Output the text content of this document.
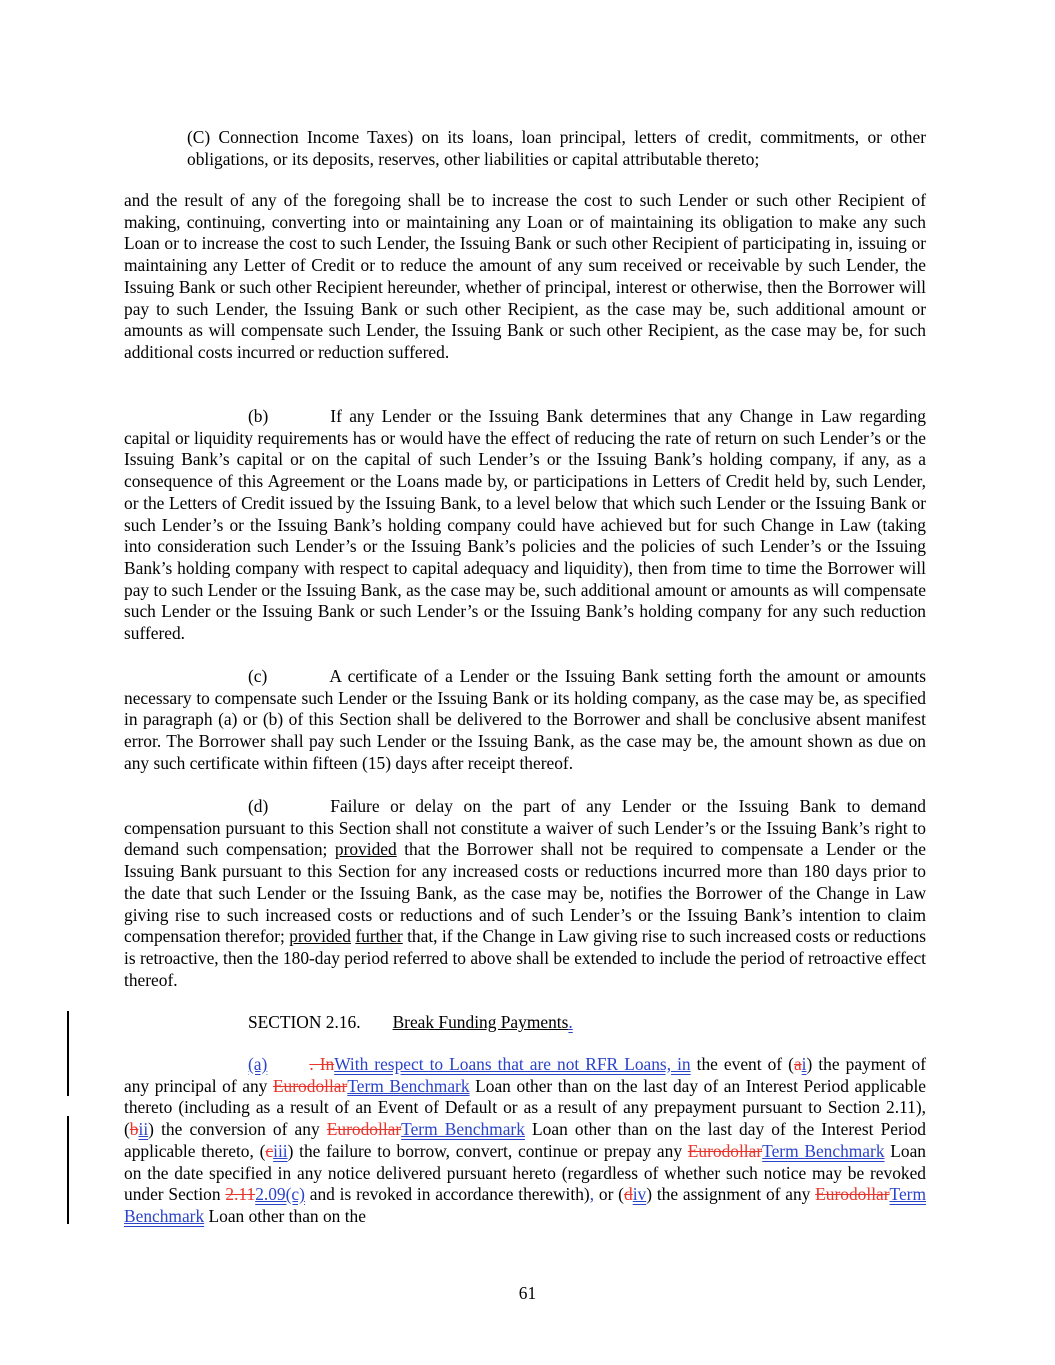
(C) Connection Income Taxes) on its loans, loan principal, letters of credit, commitments, or other obligations, or its deposits, reserves, other liabilities or capital attributable thereto;

and the result of any of the foregoing shall be to increase the cost to such Lender or such other Recipient of making, continuing, converting into or maintaining any Loan or of maintaining its obligation to make any such Loan or to increase the cost to such Lender, the Issuing Bank or such other Recipient of participating in, issuing or maintaining any Letter of Credit or to reduce the amount of any sum received or receivable by such Lender, the Issuing Bank or such other Recipient hereunder, whether of principal, interest or otherwise, then the Borrower will pay to such Lender, the Issuing Bank or such other Recipient, as the case may be, such additional amount or amounts as will compensate such Lender, the Issuing Bank or such other Recipient, as the case may be, for such additional costs incurred or reduction suffered.

(b)	If any Lender or the Issuing Bank determines that any Change in Law regarding capital or liquidity requirements has or would have the effect of reducing the rate of return on such Lender’s or the Issuing Bank’s capital or on the capital of such Lender’s or the Issuing Bank’s holding company, if any, as a consequence of this Agreement or the Loans made by, or participations in Letters of Credit held by, such Lender, or the Letters of Credit issued by the Issuing Bank, to a level below that which such Lender or the Issuing Bank or such Lender’s or the Issuing Bank’s holding company could have achieved but for such Change in Law (taking into consideration such Lender’s or the Issuing Bank’s policies and the policies of such Lender’s or the Issuing Bank’s holding company with respect to capital adequacy and liquidity), then from time to time the Borrower will pay to such Lender or the Issuing Bank, as the case may be, such additional amount or amounts as will compensate such Lender or the Issuing Bank or such Lender’s or the Issuing Bank’s holding company for any such reduction suffered.

(c)	A certificate of a Lender or the Issuing Bank setting forth the amount or amounts necessary to compensate such Lender or the Issuing Bank or its holding company, as the case may be, as specified in paragraph (a) or (b) of this Section shall be delivered to the Borrower and shall be conclusive absent manifest error. The Borrower shall pay such Lender or the Issuing Bank, as the case may be, the amount shown as due on any such certificate within fifteen (15) days after receipt thereof.

(d)	Failure or delay on the part of any Lender or the Issuing Bank to demand compensation pursuant to this Section shall not constitute a waiver of such Lender’s or the Issuing Bank’s right to demand such compensation; provided that the Borrower shall not be required to compensate a Lender or the Issuing Bank pursuant to this Section for any increased costs or reductions incurred more than 180 days prior to the date that such Lender or the Issuing Bank, as the case may be, notifies the Borrower of the Change in Law giving rise to such increased costs or reductions and of such Lender’s or the Issuing Bank’s intention to claim compensation therefor; provided further that, if the Change in Law giving rise to such increased costs or reductions is retroactive, then the 180-day period referred to above shall be extended to include the period of retroactive effect thereof.

SECTION 2.16. Break Funding Payments.

(a) . InWith respect to Loans that are not RFR Loans, in the event of (ai) the payment of any principal of any EurodollarTerm Benchmark Loan other than on the last day of an Interest Period applicable thereto (including as a result of an Event of Default or as a result of any prepayment pursuant to Section 2.11), (bii) the conversion of any EurodollarTerm Benchmark Loan other than on the last day of the Interest Period applicable thereto, (ciii) the failure to borrow, convert, continue or prepay any EurodollarTerm Benchmark Loan on the date specified in any notice delivered pursuant hereto (regardless of whether such notice may be revoked under Section 2.112.09(c) and is revoked in accordance therewith), or (div) the assignment of any EurodollarTerm Benchmark Loan other than on the

61
